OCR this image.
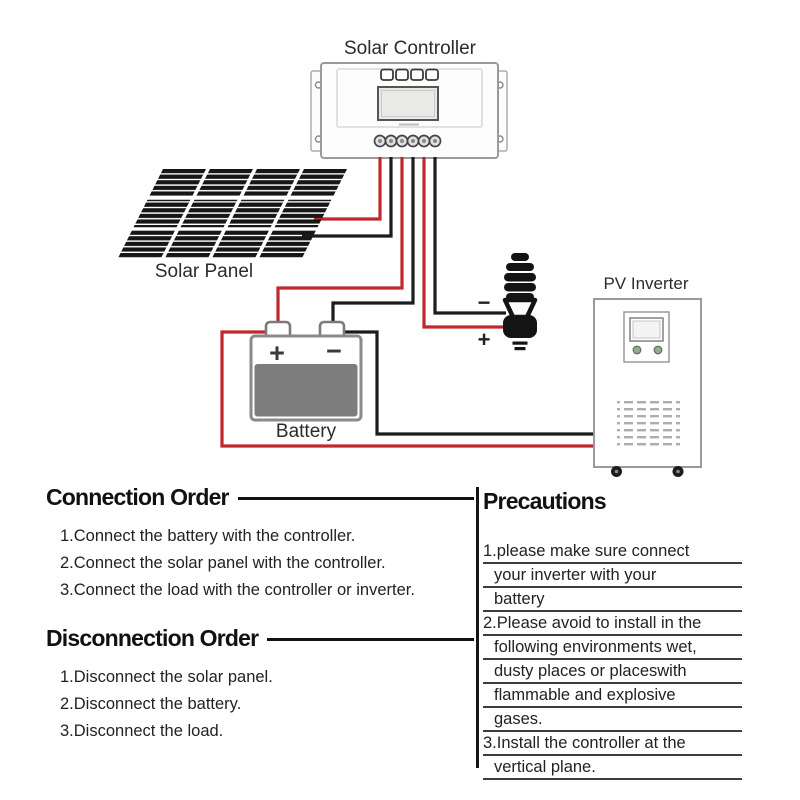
Solar Controller
Solar Panel
+ −
Battery
−
+
PV Inverter
Connection Order
1.Connect the battery with the controller.
2.Connect the solar panel with the controller.
3.Connect the load with the controller or inverter.
Disconnection Order
1.Disconnect the solar panel.
2.Disconnect the battery.
3.Disconnect the load.
Precautions
1.please make sure connect
your inverter with your
battery
2.Please avoid to install in the
following environments wet,
dusty places or placeswith
flammable and explosive
gases.
3.Install the controller at the
vertical plane.
